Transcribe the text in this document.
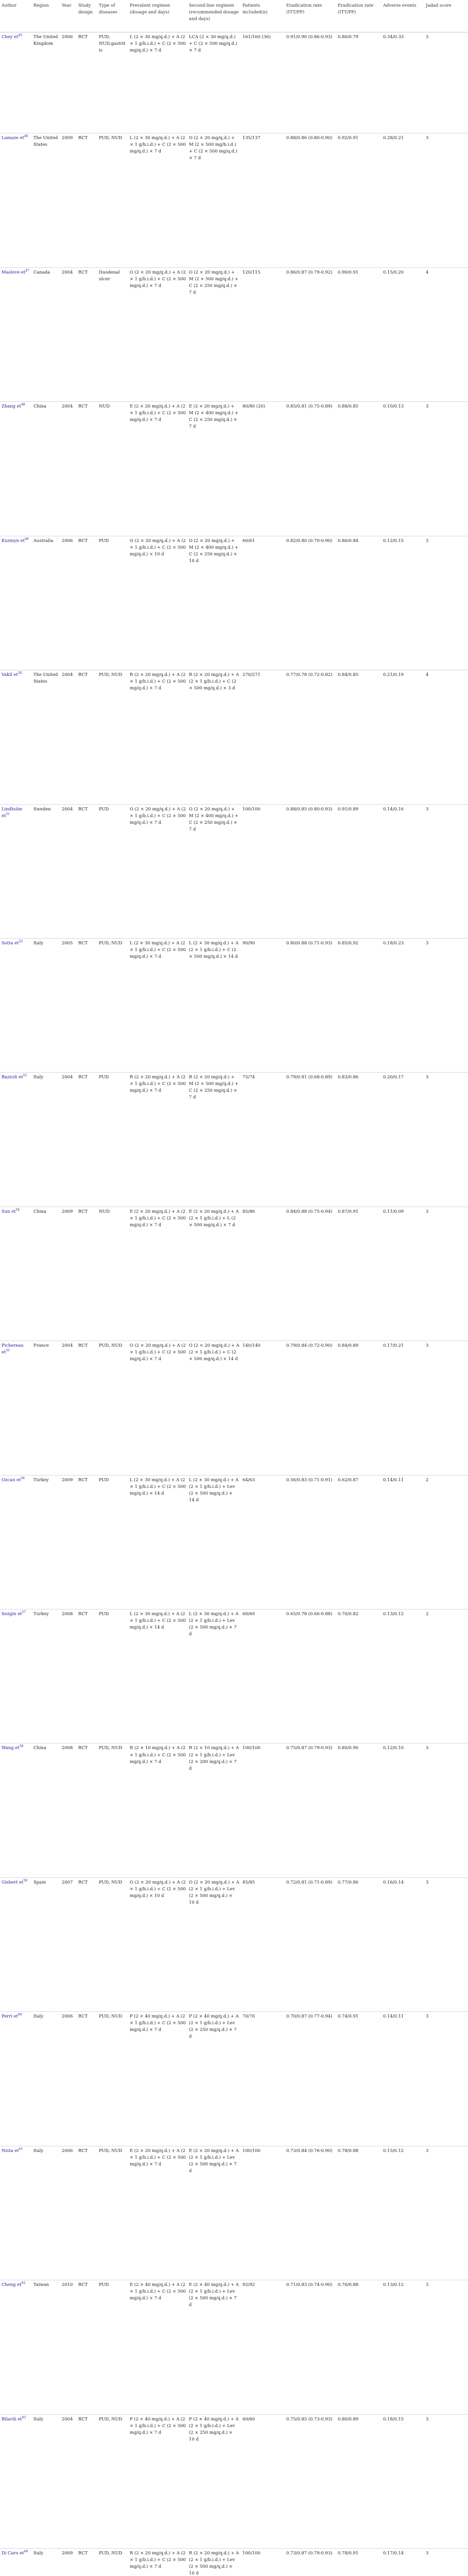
Author	Region	Year	Study design	Type of diseases	Prevalent regimen (dosage and days)	Second-line regimen (recommended dosage and days)	Patients included(n)	Eradication rate (ITT/PP)	Eradication rate (ITT/PP)	Adverse events	Jadad score
Chey et$^{45}$	The United Kingdom	2006	RCT	PUD, NUD,gastritis	L (2 × 30 mg/q.d.) + A (2 × 1 g/b.i.d.) + C (2 × 500 mg/q.d.) × 7 d	LCA (2 × 30 mg/q.d.) + C (2 × 500 mg/q.d.) × 7 d	161/160 (36)	0.91/0.90 (0.86-0.93)	0.80/0.79	0.34/0.33	3
Lamaze et$^{46}$	The United States	2009	RCT	PUD, NUD	L (2 × 30 mg/q.d.) + A (2 × 1 g/b.i.d.) + C (2 × 500 mg/q.d.) × 7 d	O (2 × 20 mg/q.d.) + M (2 × 500 mg/b.i.d.) + C (2 × 500 mg/q.d.) × 7 d	135/137	0.88/0.86 (0.80-0.90)	0.92/0.91	0.28/0.21	3
Maslove et$^{47}$	Canada	2004	RCT	Duodenal ulcer	O (2 × 20 mg/q.d.) + A (2 × 1 g/b.i.d.) + C (2 × 500 mg/q.d.) × 7 d	O (2 × 20 mg/q.d.) + M (2 × 500 mg/q.d.) + C (2 × 250 mg/q.d.) × 7 d	120/115	0.86/0.87 (0.79-0.92)	0.90/0.91	0.15/0.20	4
Zhang et$^{48}$	China	2004	RCT	NUD	E (2 × 20 mg/q.d.) + A (2 × 1 g/b.i.d.) + C (2 × 500 mg/q.d.) × 7 d	E (2 × 20 mg/q.d.) + M (2 × 400 mg/q.d.) + C (2 × 250 mg/q.d.) × 7 d	80/80 (20)	0.85/0.81 (0.75-0.89)	0.88/0.85	0.10/0.13	3
Kuzmyn et$^{49}$	Australia	2006	RCT	PUD	O (2 × 20 mg/q.d.) + A (2 × 1 g/b.i.d.) + C (2 × 500 mg/q.d.) × 10 d	O (2 × 20 mg/q.d.) + M (2 × 400 mg/q.d.) + C (2 × 250 mg/q.d.) × 10 d	60/61	0.82/0.80 (0.70-0.90)	0.86/0.84	0.12/0.15	3
Vakil et$^{50}$	The United States	2004	RCT	PUD, NUD	R (2 × 20 mg/q.d.) + A (2 × 1 g/b.i.d.) + C (2 × 500 mg/q.d.) × 7 d	R (2 × 20 mg/q.d.) + A (2 × 1 g/b.i.d.) + C (2 × 500 mg/q.d.) × 3 d	270/271	0.77/0.78 (0.72-0.82)	0.84/0.85	0.21/0.19	4
Lindholm et$^{51}$	Sweden	2004	RCT	PUD	O (2 × 20 mg/q.d.) + A (2 × 1 g/b.i.d.) + C (2 × 500 mg/q.d.) × 7 d	O (2 × 20 mg/q.d.) + M (2 × 400 mg/q.d.) + C (2 × 250 mg/q.d.) × 7 d	100/100	0.88/0.85 (0.80-0.93)	0.91/0.89	0.14/0.16	3
Sotta et$^{52}$	Italy	2005	RCT	PUD, NUD	L (2 × 30 mg/q.d.) + A (2 × 1 g/b.i.d.) + C (2 × 500 mg/q.d.) × 7 d	L (2 × 30 mg/q.d.) + A (2 × 1 g/b.i.d.) + C (2 × 500 mg/q.d.) × 14 d	90/90	0.80/0.88 (0.71-0.93)	0.85/0.92	0.18/0.23	3
Bazzoli et$^{53}$	Italy	2004	RCT	PUD	R (2 × 20 mg/q.d.) + A (2 × 1 g/b.i.d.) + C (2 × 500 mg/q.d.) × 7 d	R (2 × 20 mg/q.d.) + M (2 × 500 mg/q.d.) + C (2 × 250 mg/q.d.) × 7 d	75/74	0.79/0.81 (0.68-0.89)	0.83/0.86	0.20/0.17	3
Sun et$^{54}$	China	2009	RCT	NUD	E (2 × 20 mg/q.d.) + A (2 × 1 g/b.i.d.) + C (2 × 500 mg/q.d.) × 7 d	E (2 × 20 mg/q.d.) + A (2 × 1 g/b.i.d.) + L (2 × 500 mg/q.d.) × 7 d	85/86	0.84/0.88 (0.75-0.94)	0.87/0.91	0.11/0.09	3
Pichereau et$^{55}$	France	2004	RCT	PUD, NUD	O (2 × 20 mg/q.d.) + A (2 × 1 g/b.i.d.) + C (2 × 500 mg/q.d.) × 7 d	O (2 × 20 mg/q.d.) + A (2 × 1 g/b.i.d.) + C (2 × 500 mg/q.d.) × 14 d	140/140	0.79/0.84 (0.72-0.90)	0.84/0.89	0.17/0.21	3
Ozcan et$^{56}$	Turkey	2009	RCT	PUD	L (2 × 30 mg/q.d.) + A (2 × 1 g/b.i.d.) + C (2 × 500 mg/q.d.) × 14 d	L (2 × 30 mg/q.d.) + A (2 × 1 g/b.i.d.) + Lev (2 × 500 mg/q.d.) × 14 d	64/63	0.56/0.83 (0.71-0.91)	0.62/0.87	0.14/0.11	2
Sezgin et$^{57}$	Turkey	2008	RCT	PUD	L (2 × 30 mg/q.d.) + A (2 × 1 g/b.i.d.) + C (2 × 500 mg/q.d.) × 14 d	L (2 × 30 mg/q.d.) + A (2 × 1 g/b.i.d.) + Lev (2 × 500 mg/q.d.) × 7 d	60/60	0.65/0.78 (0.66-0.88)	0.70/0.82	0.13/0.12	2
Wang et$^{58}$	China	2008	RCT	PUD, NUD	R (2 × 10 mg/q.d.) + A (2 × 1 g/b.i.d.) + C (2 × 500 mg/q.d.) × 7 d	R (2 × 10 mg/q.d.) + A (2 × 1 g/b.i.d.) + Lev (2 × 200 mg/q.d.) × 7 d	100/100	0.75/0.87 (0.79-0.93)	0.80/0.90	0.12/0.10	3
Gisbert et$^{59}$	Spain	2007	RCT	PUD, NUD	O (2 × 20 mg/q.d.) + A (2 × 1 g/b.i.d.) + C (2 × 500 mg/q.d.) × 10 d	O (2 × 20 mg/q.d.) + A (2 × 1 g/b.i.d.) + Lev (2 × 500 mg/q.d.) × 10 d	85/85	0.72/0.81 (0.71-0.89)	0.77/0.86	0.16/0.14	3
Perri et$^{60}$	Italy	2006	RCT	PUD, NUD	P (2 × 40 mg/q.d.) + A (2 × 1 g/b.i.d.) + C (2 × 500 mg/q.d.) × 7 d	P (2 × 40 mg/q.d.) + A (2 × 1 g/b.i.d.) + Lev (2 × 250 mg/q.d.) × 7 d	70/70	0.70/0.87 (0.77-0.94)	0.74/0.91	0.14/0.11	3
Nista et$^{61}$	Italy	2006	RCT	PUD, NUD	E (2 × 20 mg/q.d.) + A (2 × 1 g/b.i.d.) + C (2 × 500 mg/q.d.) × 7 d	E (2 × 20 mg/q.d.) + A (2 × 1 g/b.i.d.) + Lev (2 × 500 mg/q.d.) × 7 d	100/100	0.73/0.84 (0.76-0.90)	0.78/0.88	0.15/0.12	3
Cheng et$^{62}$	Taiwan	2010	RCT	PUD	E (2 × 40 mg/q.d.) + A (2 × 1 g/b.i.d.) + C (2 × 500 mg/q.d.) × 7 d	E (2 × 40 mg/q.d.) + A (2 × 1 g/b.i.d.) + Lev (2 × 500 mg/q.d.) × 7 d	92/92	0.71/0.83 (0.74-0.90)	0.76/0.88	0.13/0.12	3
Bilardi et$^{63}$	Italy	2004	RCT	PUD, NUD	P (2 × 40 mg/q.d.) + A (2 × 1 g/b.i.d.) + C (2 × 500 mg/q.d.) × 7 d	P (2 × 40 mg/q.d.) + A (2 × 1 g/b.i.d.) + Lev (2 × 250 mg/q.d.) × 10 d	60/60	0.75/0.85 (0.73-0.93)	0.80/0.89	0.18/0.15	3
Di Caro et$^{64}$	Italy	2009	RCT	PUD, NUD	R (2 × 20 mg/q.d.) + A (2 × 1 g/b.i.d.) + C (2 × 500 mg/q.d.) × 7 d	R (2 × 20 mg/q.d.) + A (2 × 1 g/b.i.d.) + Lev (2 × 500 mg/q.d.) × 10 d	100/100	0.73/0.87 (0.79-0.93)	0.78/0.91	0.17/0.14	3
